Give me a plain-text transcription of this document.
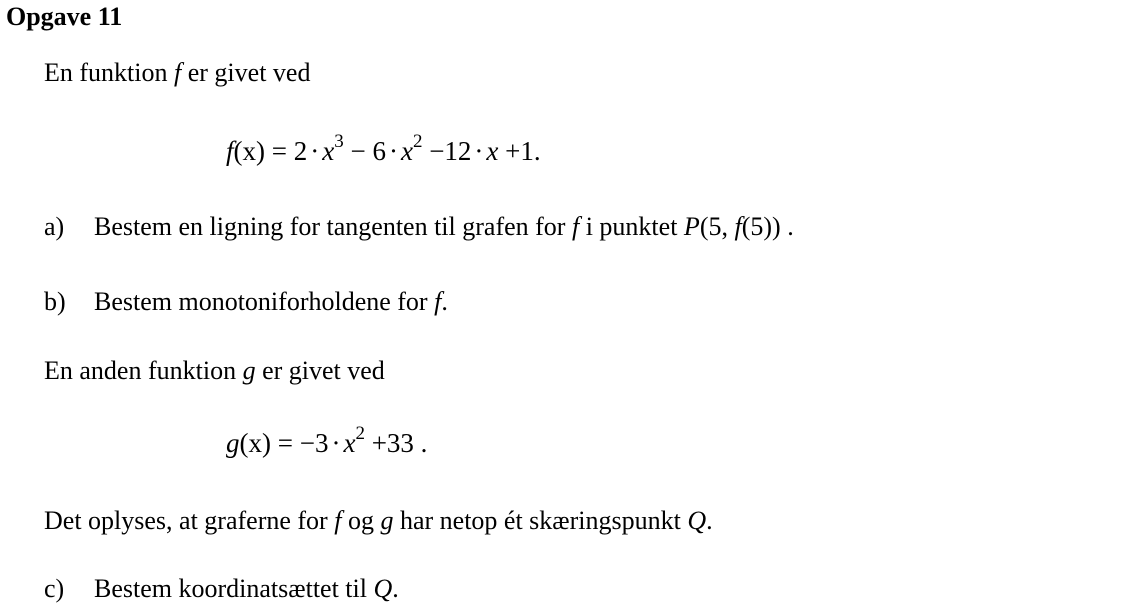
Opgave 11
En funktion f er givet ved
$f(x) = 2 \cdot x^3 - 6 \cdot x^2 -12 \cdot x +1$.
a) Bestem en ligning for tangenten til grafen for f i punktet P(5, f(5)) .
b) Bestem monotoniforholdene for f.
En anden funktion g er givet ved
$g(x) = -3 \cdot x^2 +33$ .
Det oplyses, at graferne for f og g har netop ét skæringspunkt Q.
c) Bestem koordinatsættet til Q.
